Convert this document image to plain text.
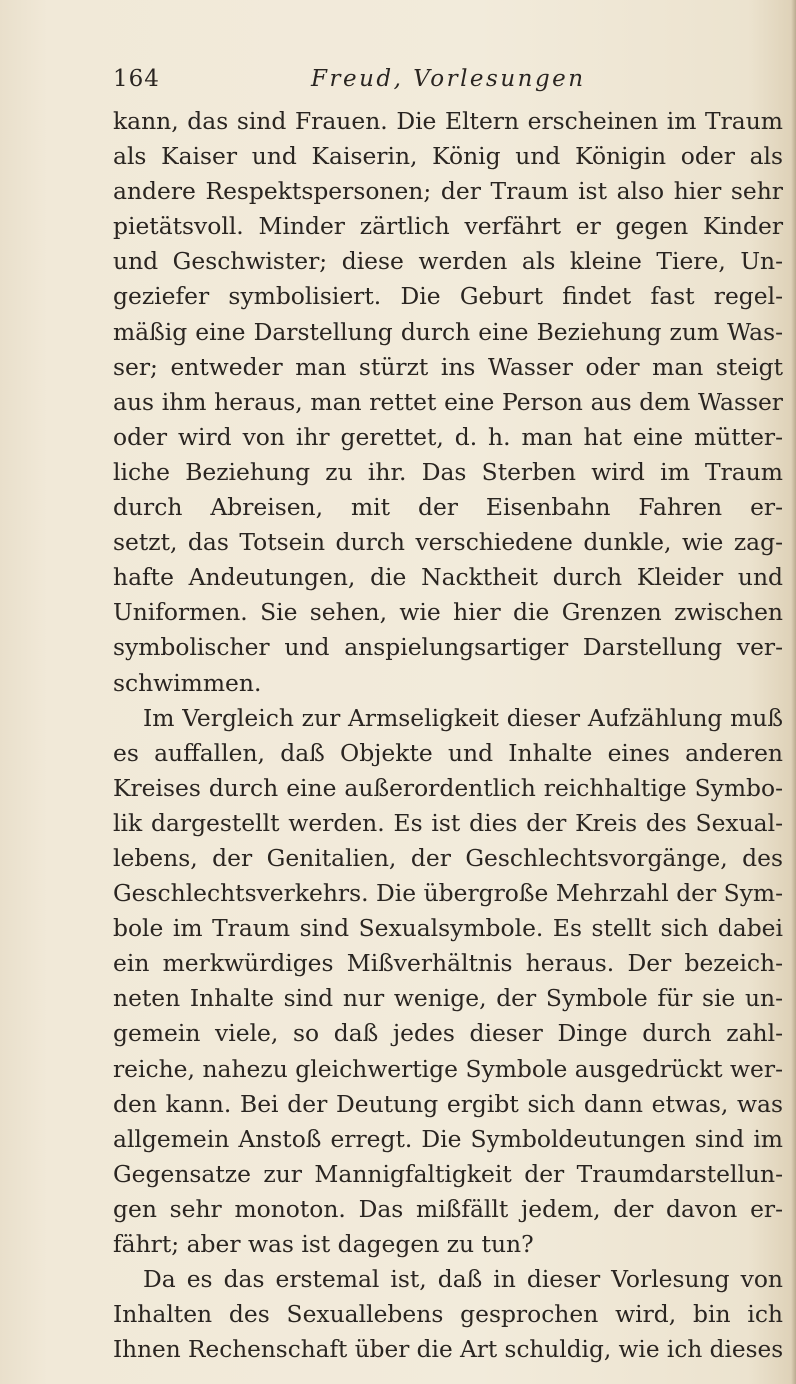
164	Freud, Vorlesungen
kann, das sind Frauen. Die Eltern erscheinen im Traum
als Kaiser und Kaiserin, König und Königin oder als
andere Respektspersonen; der Traum ist also hier sehr
pietätsvoll. Minder zärtlich verfährt er gegen Kinder
und Geschwister; diese werden als kleine Tiere, Un-
geziefer symbolisiert. Die Geburt findet fast regel-
mäßig eine Darstellung durch eine Beziehung zum Was-
ser; entweder man stürzt ins Wasser oder man steigt
aus ihm heraus, man rettet eine Person aus dem Wasser
oder wird von ihr gerettet, d. h. man hat eine mütter-
liche Beziehung zu ihr. Das Sterben wird im Traum
durch Abreisen, mit der Eisenbahn Fahren er-
setzt, das Totsein durch verschiedene dunkle, wie zag-
hafte Andeutungen, die Nacktheit durch Kleider und
Uniformen. Sie sehen, wie hier die Grenzen zwischen
symbolischer und anspielungsartiger Darstellung ver-
schwimmen.
Im Vergleich zur Armseligkeit dieser Aufzählung muß
es auffallen, daß Objekte und Inhalte eines anderen
Kreises durch eine außerordentlich reichhaltige Symbo-
lik dargestellt werden. Es ist dies der Kreis des Sexual-
lebens, der Genitalien, der Geschlechtsvorgänge, des
Geschlechtsverkehrs. Die übergroße Mehrzahl der Sym-
bole im Traum sind Sexualsymbole. Es stellt sich dabei
ein merkwürdiges Mißverhältnis heraus. Der bezeich-
neten Inhalte sind nur wenige, der Symbole für sie un-
gemein viele, so daß jedes dieser Dinge durch zahl-
reiche, nahezu gleichwertige Symbole ausgedrückt wer-
den kann. Bei der Deutung ergibt sich dann etwas, was
allgemein Anstoß erregt. Die Symboldeutungen sind im
Gegensatze zur Mannigfaltigkeit der Traumdarstellun-
gen sehr monoton. Das mißfällt jedem, der davon er-
fährt; aber was ist dagegen zu tun?
Da es das erstemal ist, daß in dieser Vorlesung von
Inhalten des Sexuallebens gesprochen wird, bin ich
Ihnen Rechenschaft über die Art schuldig, wie ich dieses
